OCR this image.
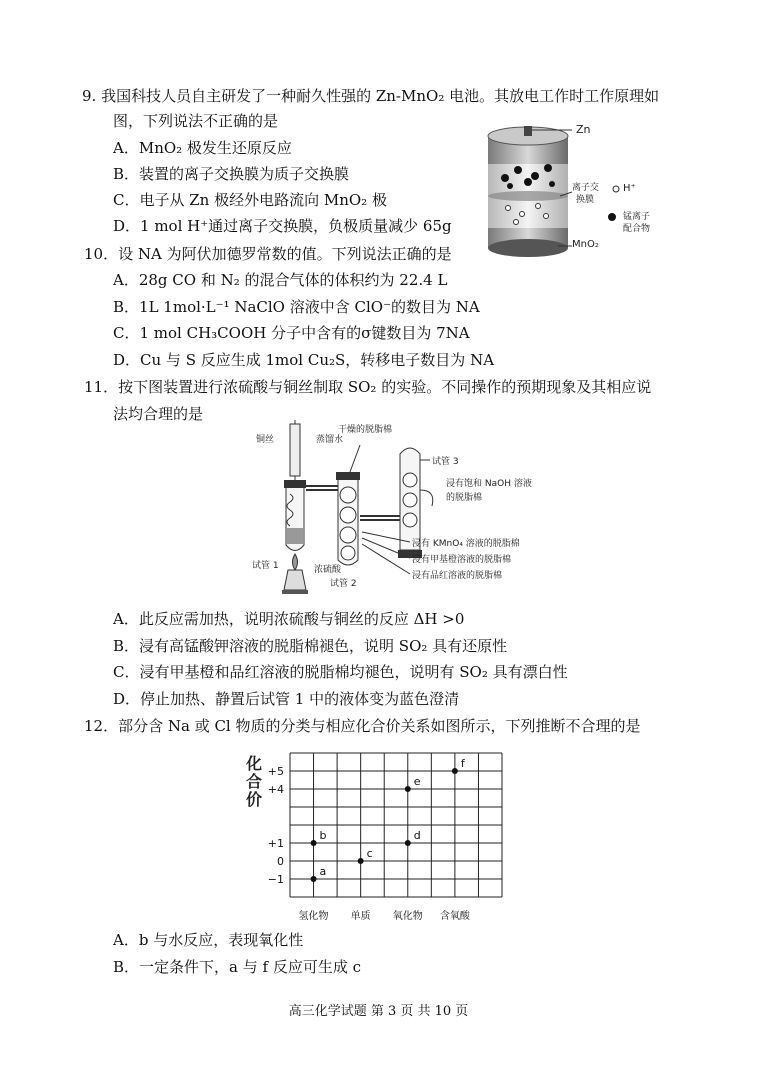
9. 我国科技人员自主研发了一种耐久性强的 Zn-MnO₂ 电池。其放电工作时工作原理如
图，下列说法不正确的是
A．MnO₂ 极发生还原反应
B．装置的离子交换膜为质子交换膜
C．电子从 Zn 极经外电路流向 MnO₂ 极
D．1 mol H⁺通过离子交换膜，负极质量减少 65g
Zn
离子交
换膜
H⁺
锰离子
配合物
MnO₂
10．设 NA 为阿伏加德罗常数的值。下列说法正确的是
A．28g CO 和 N₂ 的混合气体的体积约为 22.4 L
B．1L 1mol·L⁻¹ NaClO 溶液中含 ClO⁻的数目为 NA
C．1 mol CH₃COOH 分子中含有的σ键数目为 7NA
D．Cu 与 S 反应生成 1mol Cu₂S，转移电子数目为 NA
11．按下图装置进行浓硫酸与铜丝制取 SO₂ 的实验。不同操作的预期现象及其相应说
法均合理的是
铜丝	蒸馏水
干燥的脱脂棉
试管 3
浸有饱和 NaOH 溶液
的脱脂棉
浸有 KMnO₄ 溶液的脱脂棉
浸有甲基橙溶液的脱脂棉
浸有品红溶液的脱脂棉
试管 1	浓硫酸
试管 2
A．此反应需加热，说明浓硫酸与铜丝的反应 ΔH >0
B．浸有高锰酸钾溶液的脱脂棉褪色，说明 SO₂ 具有还原性
C．浸有甲基橙和品红溶液的脱脂棉均褪色，说明有 SO₂ 具有漂白性
D．停止加热、静置后试管 1 中的液体变为蓝色澄清
12．部分含 Na 或 Cl 物质的分类与相应化合价关系如图所示，下列推断不合理的是
+5
+4
+1
0
−1
氢化物 单质 氧化物 含氧酸
a
b
c
d
e
f
化合价
A．b 与水反应，表现氧化性
B．一定条件下，a 与 f 反应可生成 c
高三化学试题 第 3 页 共 10 页
